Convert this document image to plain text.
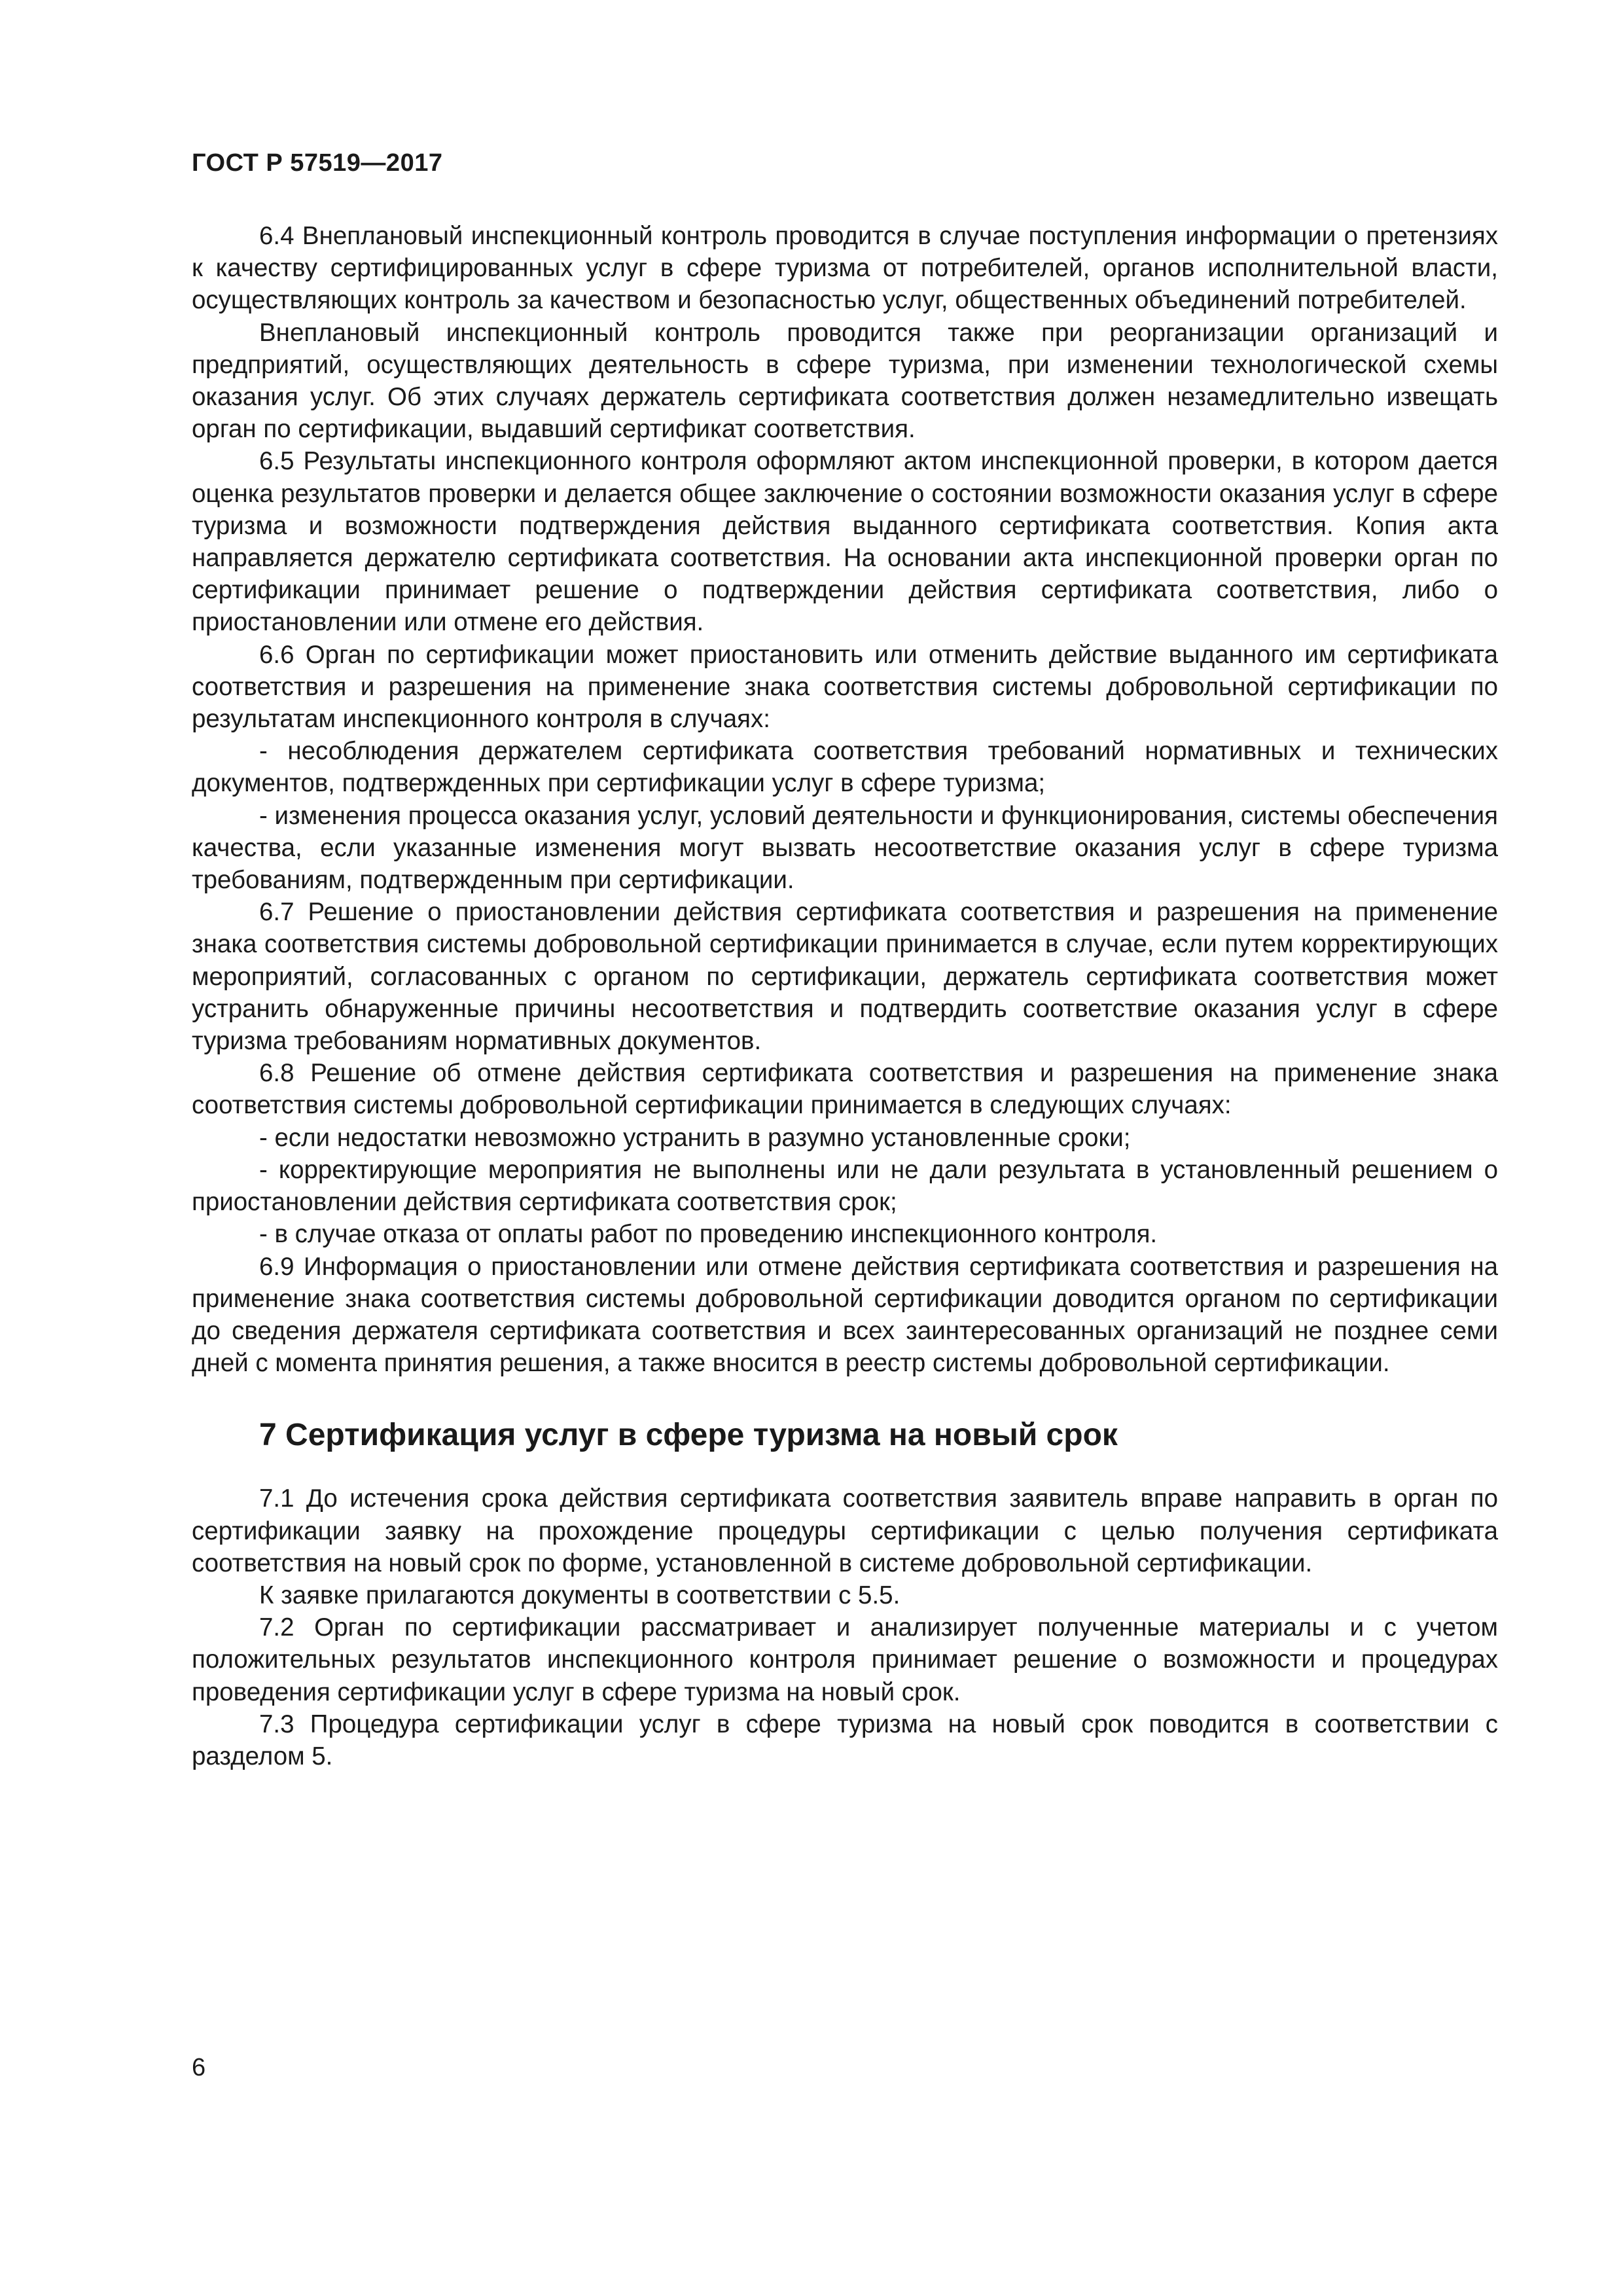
ГОСТ Р 57519—2017

6.4 Внеплановый инспекционный контроль проводится в случае поступления информации о претензиях к качеству сертифицированных услуг в сфере туризма от потребителей, органов исполнительной власти, осуществляющих контроль за качеством и безопасностью услуг, общественных объединений потребителей.

Внеплановый инспекционный контроль проводится также при реорганизации организаций и предприятий, осуществляющих деятельность в сфере туризма, при изменении технологической схемы оказания услуг. Об этих случаях держатель сертификата соответствия должен незамедлительно извещать орган по сертификации, выдавший сертификат соответствия.

6.5 Результаты инспекционного контроля оформляют актом инспекционной проверки, в котором дается оценка результатов проверки и делается общее заключение о состоянии возможности оказания услуг в сфере туризма и возможности подтверждения действия выданного сертификата соответствия. Копия акта направляется держателю сертификата соответствия. На основании акта инспекционной проверки орган по сертификации принимает решение о подтверждении действия сертификата соответствия, либо о приостановлении или отмене его действия.

6.6 Орган по сертификации может приостановить или отменить действие выданного им сертификата соответствия и разрешения на применение знака соответствия системы добровольной сертификации по результатам инспекционного контроля в случаях:

- несоблюдения держателем сертификата соответствия требований нормативных и технических документов, подтвержденных при сертификации услуг в сфере туризма;

- изменения процесса оказания услуг, условий деятельности и функционирования, системы обеспечения качества, если указанные изменения могут вызвать несоответствие оказания услуг в сфере туризма требованиям, подтвержденным при сертификации.

6.7 Решение о приостановлении действия сертификата соответствия и разрешения на применение знака соответствия системы добровольной сертификации принимается в случае, если путем корректирующих мероприятий, согласованных с органом по сертификации, держатель сертификата соответствия может устранить обнаруженные причины несоответствия и подтвердить соответствие оказания услуг в сфере туризма требованиям нормативных документов.

6.8 Решение об отмене действия сертификата соответствия и разрешения на применение знака соответствия системы добровольной сертификации принимается в следующих случаях:

- если недостатки невозможно устранить в разумно установленные сроки;

- корректирующие мероприятия не выполнены или не дали результата в установленный решением о приостановлении действия сертификата соответствия срок;

- в случае отказа от оплаты работ по проведению инспекционного контроля.

6.9 Информация о приостановлении или отмене действия сертификата соответствия и разрешения на применение знака соответствия системы добровольной сертификации доводится органом по сертификации до сведения держателя сертификата соответствия и всех заинтересованных организаций не позднее семи дней с момента принятия решения, а также вносится в реестр системы добровольной сертификации.

7 Сертификация услуг в сфере туризма на новый срок

7.1 До истечения срока действия сертификата соответствия заявитель вправе направить в орган по сертификации заявку на прохождение процедуры сертификации с целью получения сертификата соответствия на новый срок по форме, установленной в системе добровольной сертификации.

К заявке прилагаются документы в соответствии с 5.5.

7.2 Орган по сертификации рассматривает и анализирует полученные материалы и с учетом положительных результатов инспекционного контроля принимает решение о возможности и процедурах проведения сертификации услуг в сфере туризма на новый срок.

7.3 Процедура сертификации услуг в сфере туризма на новый срок поводится в соответствии с разделом 5.

6
